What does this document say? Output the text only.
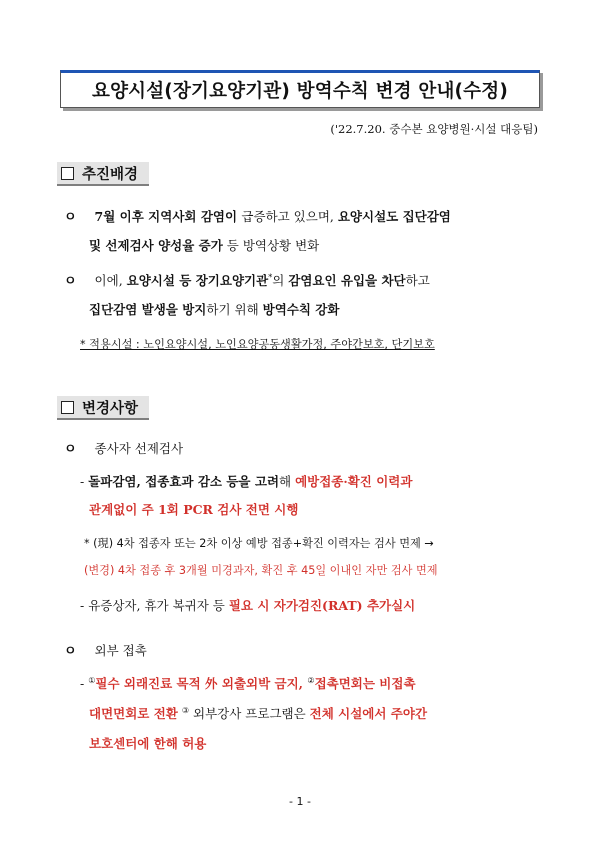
요양시설(장기요양기관) 방역수칙 변경 안내(수정)
('22.7.20. 중수본 요양병원·시설 대응팀)
추진배경
ㅇ 7월 이후 지역사회 감염이 급증하고 있으며, 요양시설도 집단감염
및 선제검사 양성율 증가 등 방역상황 변화
ㅇ 이에, 요양시설 등 장기요양기관*의 감염요인 유입을 차단하고
집단감염 발생을 방지하기 위해 방역수칙 강화
* 적용시설 : 노인요양시설, 노인요양공동생활가정, 주야간보호, 단기보호
변경사항
ㅇ 종사자 선제검사
- 돌파감염, 접종효과 감소 등을 고려해 예방접종·확진 이력과
관계없이 주 1회 PCR 검사 전면 시행
* (現) 4차 접종자 또는 2차 이상 예방 접종+확진 이력자는 검사 면제 →
(변경) 4차 접종 후 3개월 미경과자, 확진 후 45일 이내인 자만 검사 면제
- 유증상자, 휴가 복귀자 등 필요 시 자가검진(RAT) 추가실시
ㅇ 외부 접촉
- ①필수 외래진료 목적 外 외출외박 금지, ②접촉면회는 비접촉
대면면회로 전환 ③ 외부강사 프로그램은 전체 시설에서 주야간
보호센터에 한해 허용
- 1 -
